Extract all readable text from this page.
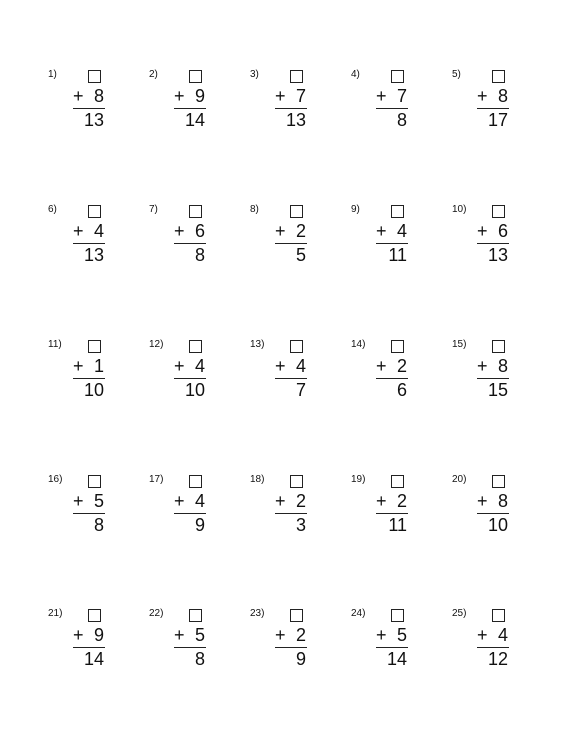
1)
+ 8
13
2)
+ 9
14
3)
+ 7
13
4)
+ 7
8
5)
+ 8
17
6)
+ 4
13
7)
+ 6
8
8)
+ 2
5
9)
+ 4
11
10)
+ 6
13
11)
+ 1
10
12)
+ 4
10
13)
+ 4
7
14)
+ 2
6
15)
+ 8
15
16)
+ 5
8
17)
+ 4
9
18)
+ 2
3
19)
+ 2
11
20)
+ 8
10
21)
+ 9
14
22)
+ 5
8
23)
+ 2
9
24)
+ 5
14
25)
+ 4
12
